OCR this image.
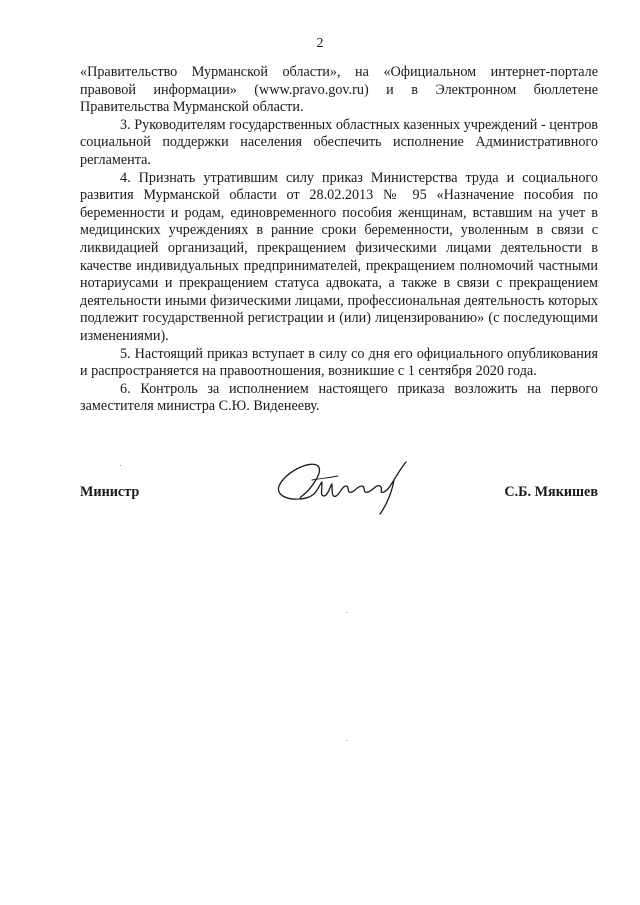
2

«Правительство Мурманской области», на «Официальном интернет-портале правовой информации» (www.pravo.gov.ru) и в Электронном бюллетене Правительства Мурманской области.

3. Руководителям государственных областных казенных учреждений - центров социальной поддержки населения обеспечить исполнение Административного регламента.

4. Признать утратившим силу приказ Министерства труда и социального развития Мурманской области от 28.02.2013 № 95 «Назначение пособия по беременности и родам, единовременного пособия женщинам, вставшим на учет в медицинских учреждениях в ранние сроки беременности, уволенным в связи с ликвидацией организаций, прекращением физическими лицами деятельности в качестве индивидуальных предпринимателей, прекращением полномочий частными нотариусами и прекращением статуса адвоката, а также в связи с прекращением деятельности иными физическими лицами, профессиональная деятельность которых подлежит государственной регистрации и (или) лицензированию» (с последующими изменениями).

5. Настоящий приказ вступает в силу со дня его официального опубликования и распространяется на правоотношения, возникшие с 1 сентября 2020 года.

6. Контроль за исполнением настоящего приказа возложить на первого заместителя министра С.Ю. Виденееву.

Министр	С.Б. Мякишев
